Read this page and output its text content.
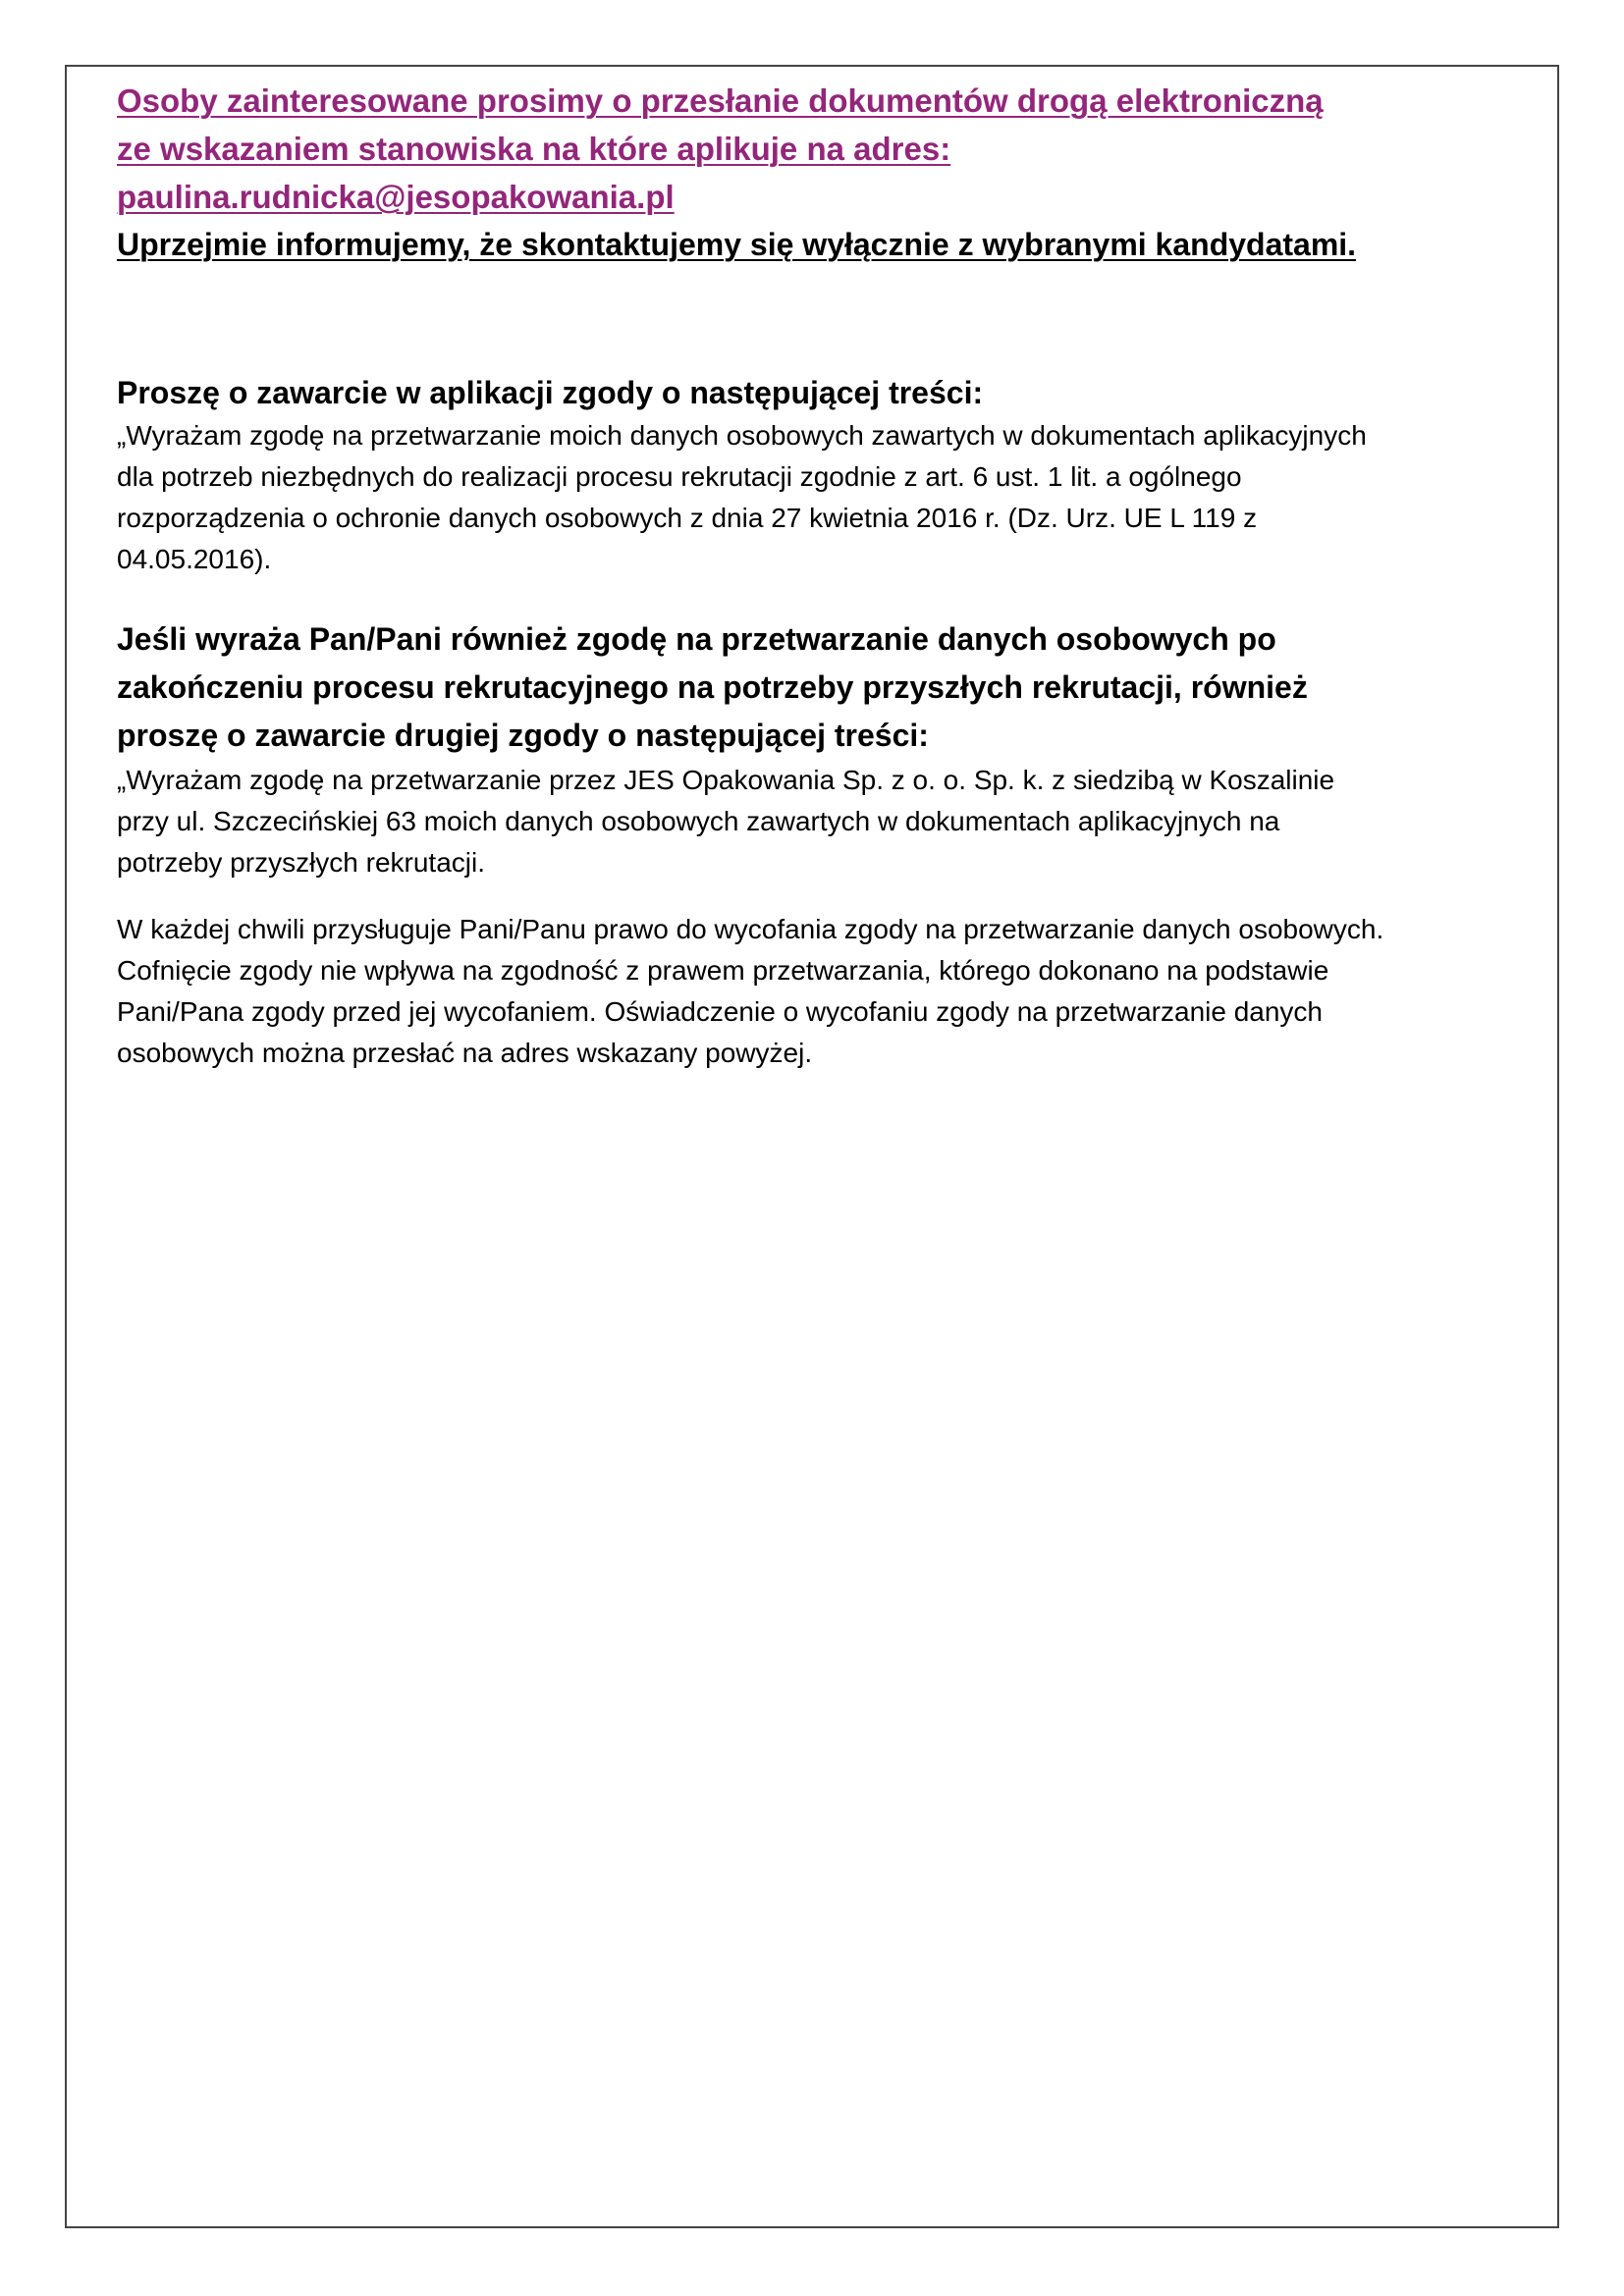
Osoby zainteresowane prosimy o przesłanie dokumentów drogą elektroniczną

ze wskazaniem stanowiska na które aplikuje na adres:

paulina.rudnicka@jesopakowania.pl

Uprzejmie informujemy, że skontaktujemy się wyłącznie z wybranymi kandydatami.

Proszę o zawarcie w aplikacji zgody o następującej treści:

„Wyrażam zgodę na przetwarzanie moich danych osobowych zawartych w dokumentach aplikacyjnych

dla potrzeb niezbędnych do realizacji procesu rekrutacji zgodnie z art. 6 ust. 1 lit. a ogólnego

rozporządzenia o ochronie danych osobowych z dnia 27 kwietnia 2016 r. (Dz. Urz. UE L 119 z

04.05.2016).

Jeśli wyraża Pan/Pani również zgodę na przetwarzanie danych osobowych po

zakończeniu procesu rekrutacyjnego na potrzeby przyszłych rekrutacji, również

proszę o zawarcie drugiej zgody o następującej treści:

„Wyrażam zgodę na przetwarzanie przez JES Opakowania Sp. z o. o. Sp. k. z siedzibą w Koszalinie

przy ul. Szczecińskiej 63 moich danych osobowych zawartych w dokumentach aplikacyjnych na

potrzeby przyszłych rekrutacji.

W każdej chwili przysługuje Pani/Panu prawo do wycofania zgody na przetwarzanie danych osobowych.

Cofnięcie zgody nie wpływa na zgodność z prawem przetwarzania, którego dokonano na podstawie

Pani/Pana zgody przed jej wycofaniem. Oświadczenie o wycofaniu zgody na przetwarzanie danych

osobowych można przesłać na adres wskazany powyżej.
